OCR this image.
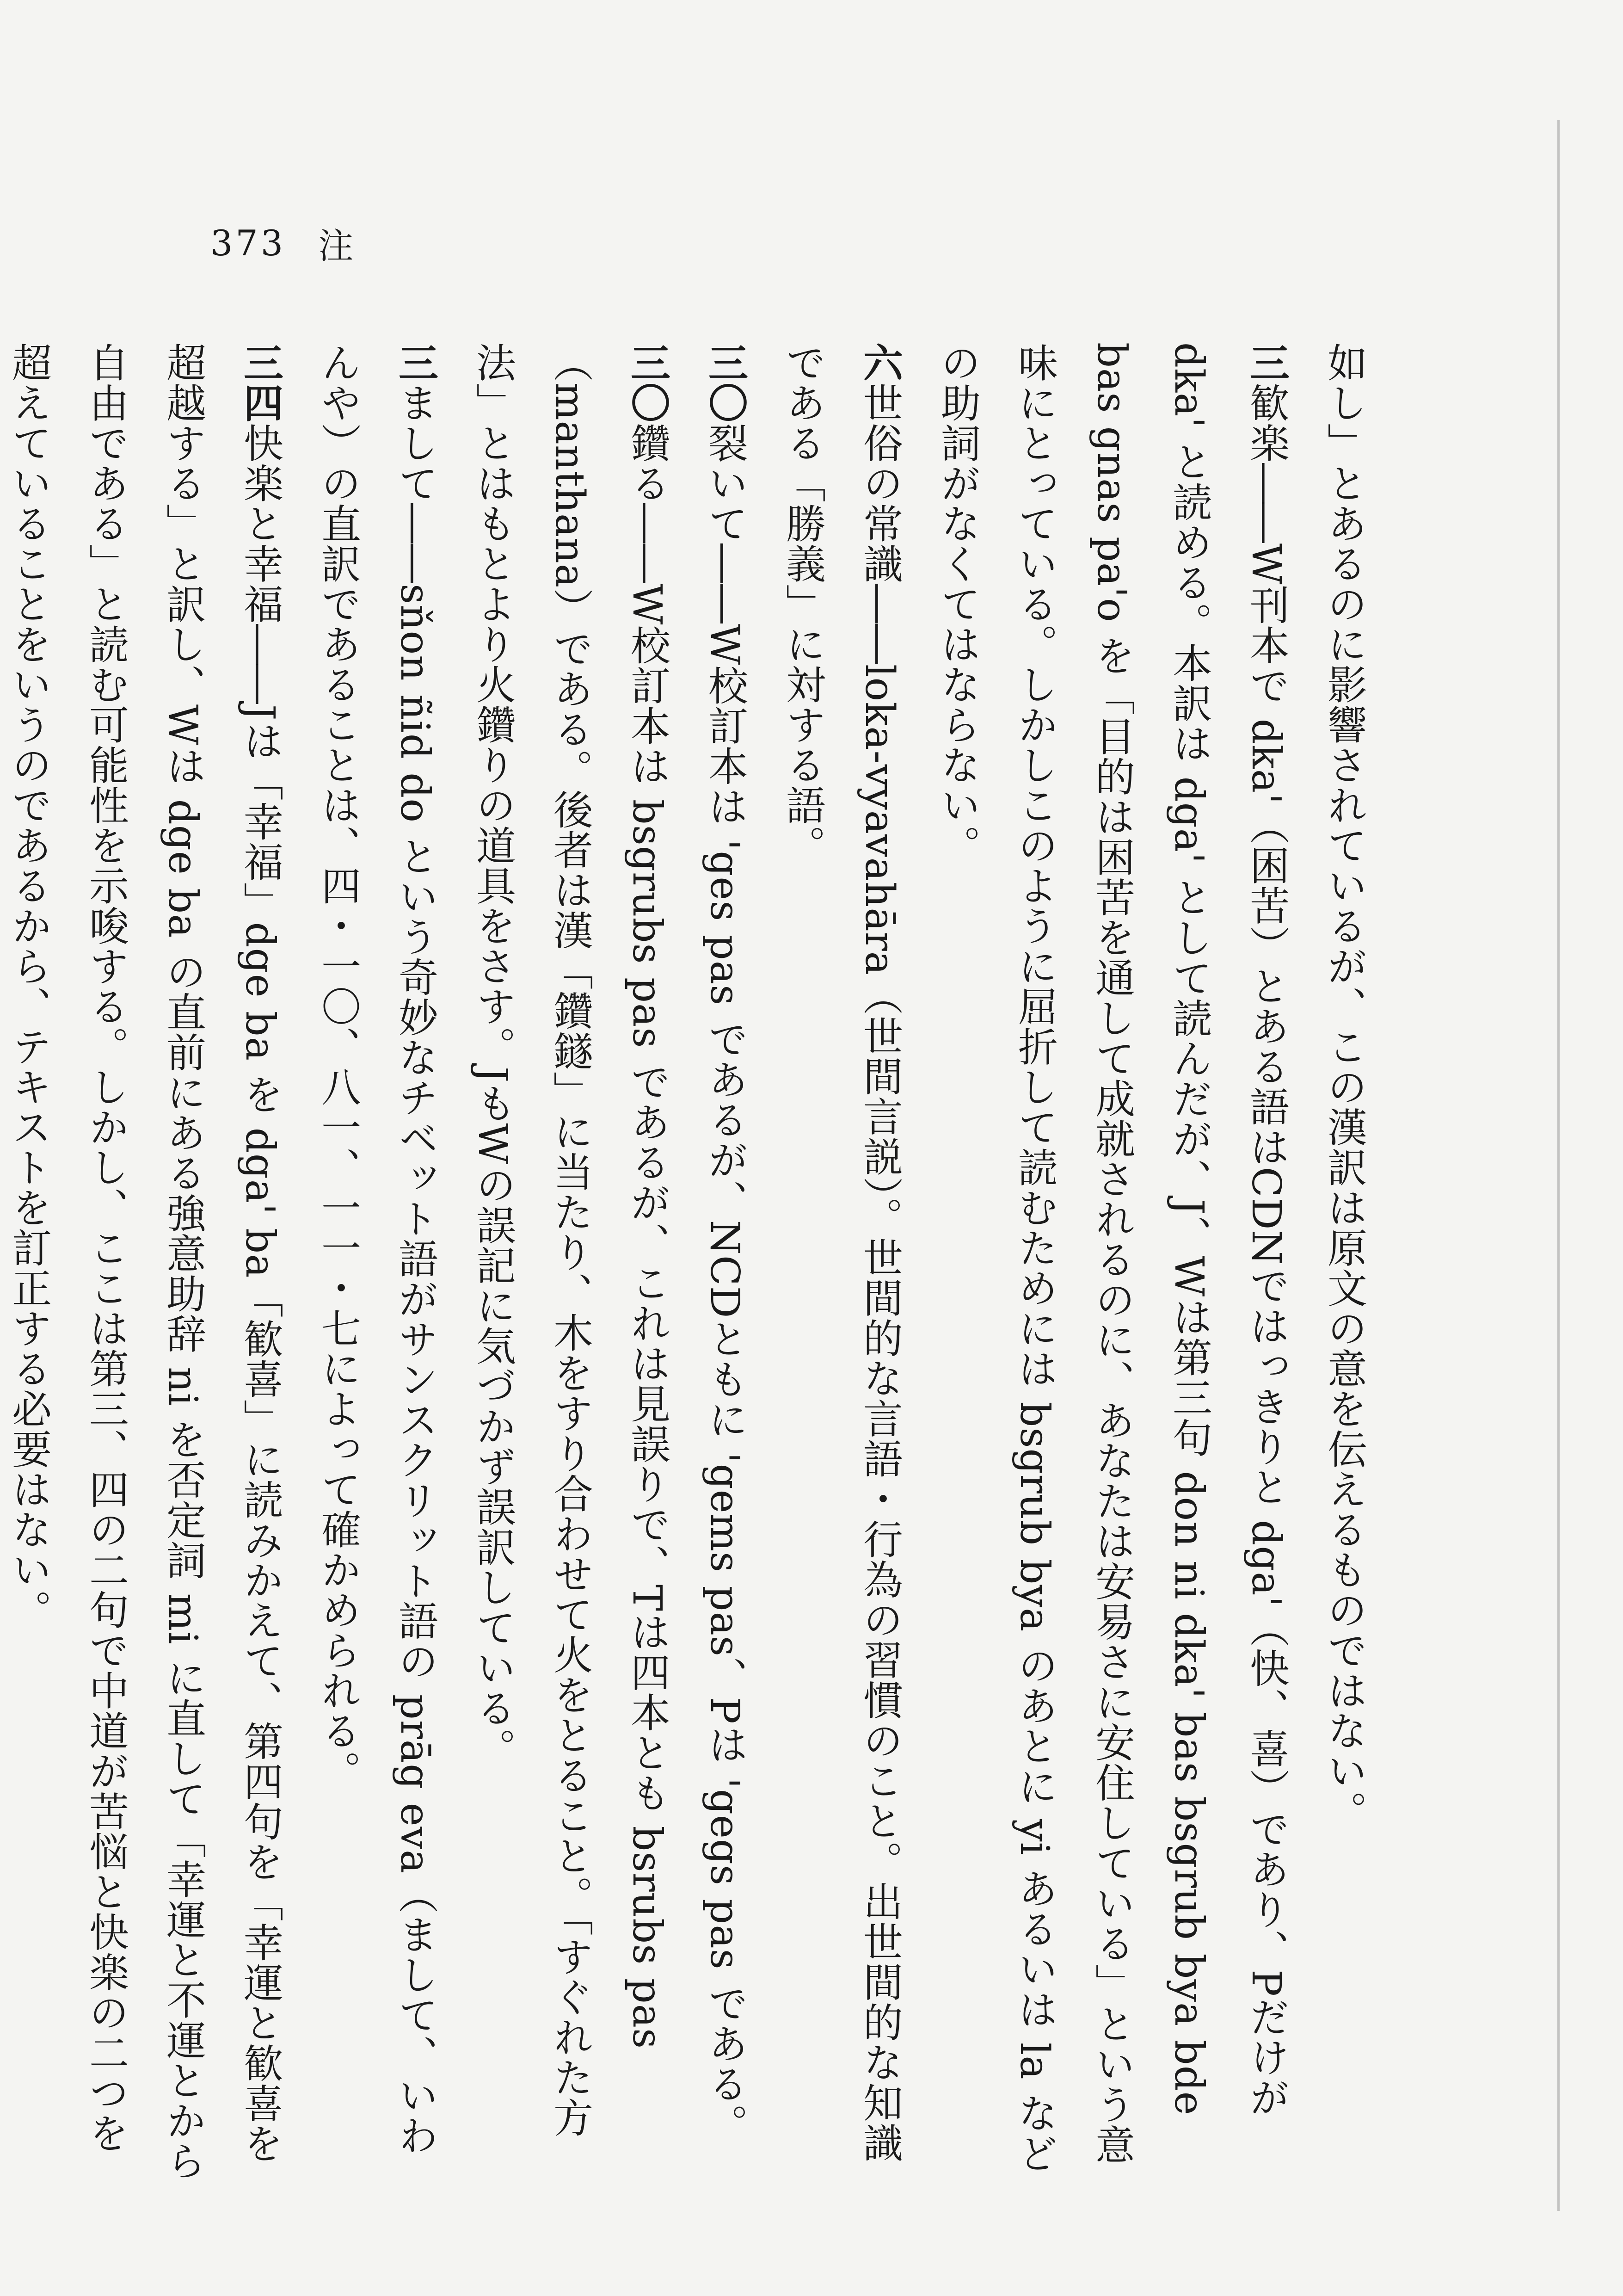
373 注
如し」とあるのに影響されているが、この漢訳は原文の意を伝えるものではない。
三歓楽――W刊本で dka'（困苦）とある語はCDNではっきりと dga'（快、喜）であり、Pだけが dka' と読める。本訳は dga' として読んだが、J、Wは第三句 don ni dka' bas bsgrub bya bde bas gnas pa'o を「目的は困苦を通して成就されるのに、あなたは安易さに安住している」という意味にとっている。しかしこのように屈折して読むためには bsgrub bya のあとに yi あるいは la などの助詞がなくてはならない。
六世俗の常識――loka-vyavahāra（世間言説）。世間的な言語・行為の習慣のこと。出世間的な知識である「勝義」に対する語。
三〇裂いて――W校訂本は 'ges pas であるが、NCDともに 'gems pas、Pは 'gegs pas である。
三〇鑽る――W校訂本は bsgrubs pas であるが、これは見誤りで、Tは四本とも bsrubs pas（manthana）である。後者は漢「鑽鐩」に当たり、木をすり合わせて火をとること。「すぐれた方法」とはもとより火鑽りの道具をさす。JもWの誤記に気づかず誤訳している。
三まして――sňon ñid do という奇妙なチベット語がサンスクリット語の prāg eva（まして、いわんや）の直訳であることは、四・一〇、八一、一一・七によって確かめられる。
三四快楽と幸福――Jは「幸福」dge ba を dga' ba「歓喜」に読みかえて、第四句を「幸運と歓喜を超越する」と訳し、Wは dge ba の直前にある強意助辞 ni を否定詞 mi に直して「幸運と不運とから自由である」と読む可能性を示唆する。しかし、ここは第三、四の二句で中道が苦悩と快楽の二つを超えていることをいうのであるから、テキストを訂正する必要はない。
